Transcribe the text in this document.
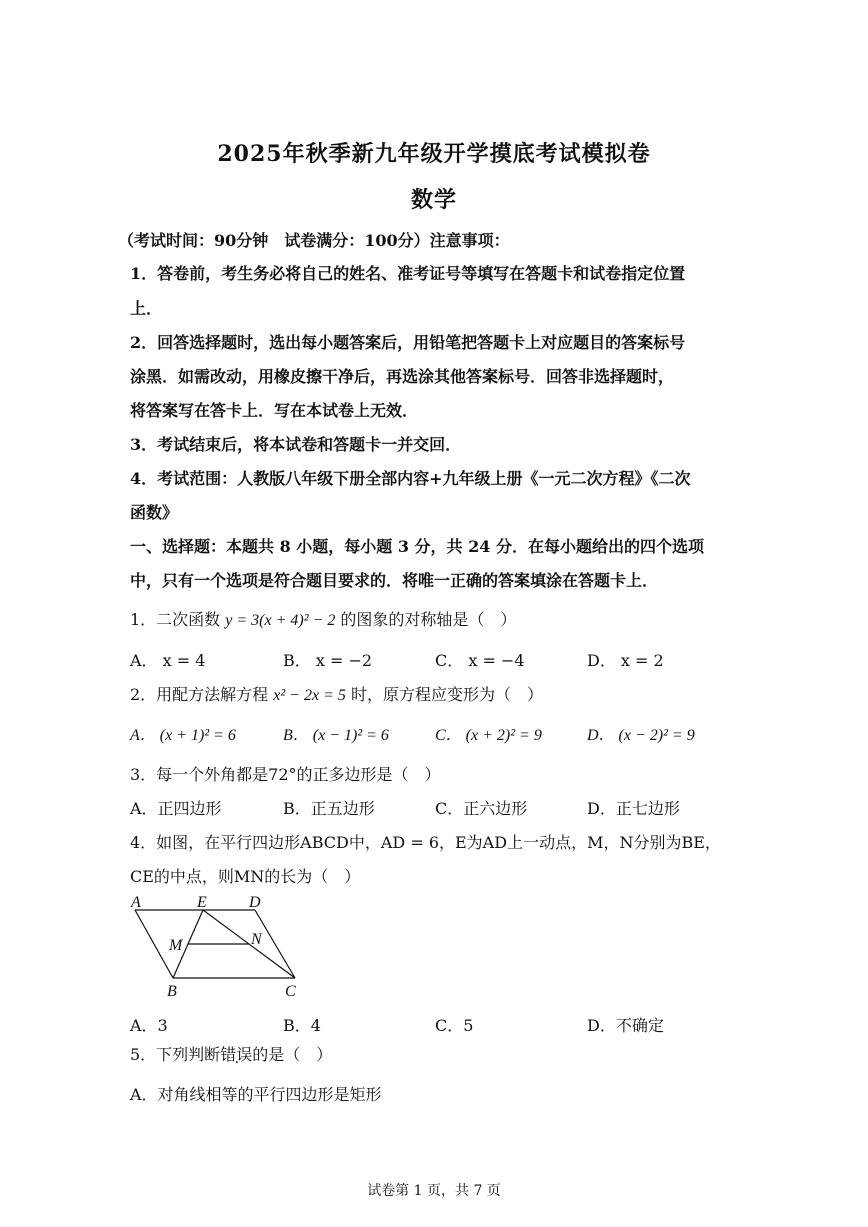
2025年秋季新九年级开学摸底考试模拟卷
数学
（考试时间：90分钟　试卷满分：100分）注意事项：
1．答卷前，考生务必将自己的姓名、准考证号等填写在答题卡和试卷指定位置
上．
2．回答选择题时，选出每小题答案后，用铅笔把答题卡上对应题目的答案标号
涂黑．如需改动，用橡皮擦干净后，再选涂其他答案标号．回答非选择题时，
将答案写在答卡上．写在本试卷上无效．
3．考试结束后，将本试卷和答题卡一并交回．
4．考试范围：人教版八年级下册全部内容+九年级上册《一元二次方程》《二次
函数》
一、选择题：本题共 8 小题，每小题 3 分，共 24 分．在每小题给出的四个选项
中，只有一个选项是符合题目要求的．将唯一正确的答案填涂在答题卡上．
1．二次函数 y = 3(x + 4)² − 2 的图象的对称轴是（　）
A． x = 4	B． x = −2	C． x = −4	D． x = 2
2．用配方法解方程 x² − 2x = 5 时，原方程应变形为（　）
A． (x + 1)² = 6	B． (x − 1)² = 6	C． (x + 2)² = 9	D． (x − 2)² = 9
3．每一个外角都是72°的正多边形是（　）
A．正四边形	B．正五边形	C．正六边形	D．正七边形
4．如图，在平行四边形ABCD中，AD = 6，E为AD上一动点，M，N分别为BE，
CE的中点，则MN的长为（　）
A	E	D
M	N
B	C
A．3	B．4	C．5	D．不确定
5．下列判断错误的是（　）
A．对角线相等的平行四边形是矩形
试卷第 1 页，共 7 页
